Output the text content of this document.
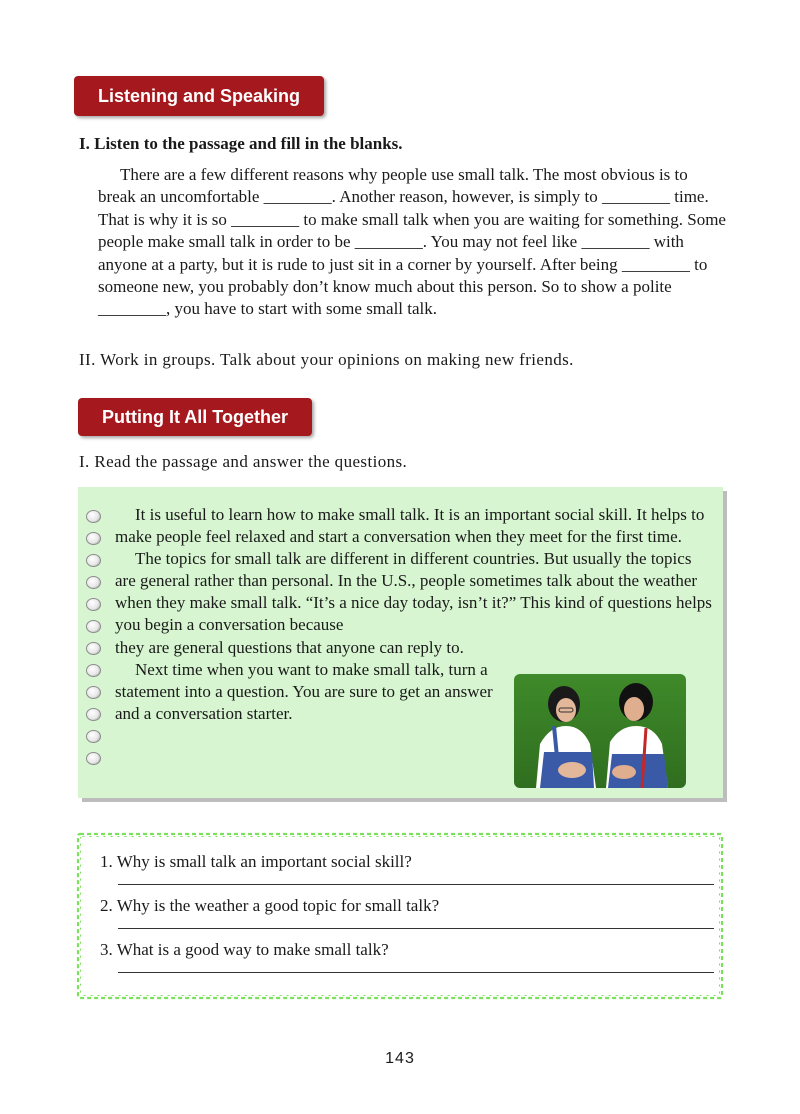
Listening and Speaking
I. Listen to the passage and fill in the blanks.

There are a few different reasons why people use small talk. The most obvious is to break an uncomfortable ________. Another reason, however, is simply to ________ time. That is why it is so ________ to make small talk when you are waiting for something. Some people make small talk in order to be ________. You may not feel like ________ with anyone at a party, but it is rude to just sit in a corner by yourself. After being ________ to someone new, you probably don’t know much about this person. So to show a polite ________, you have to start with some small talk.

II. Work in groups. Talk about your opinions on making new friends.
Putting It All Together
I. Read the passage and answer the questions.
It is useful to learn how to make small talk. It is an important social skill. It helps to make people feel relaxed and start a conversation when they meet for the first time.
The topics for small talk are different in different countries. But usually the topics are general rather than personal. In the U.S., people sometimes talk about the weather when they make small talk. “It’s a nice day today, isn’t it?” This kind of questions helps you begin a conversation because
they are general questions that anyone can reply to.
Next time when you want to make small talk, turn a statement into a question. You are sure to get an answer and a conversation starter.
1. Why is small talk an important social skill?
2. Why is the weather a good topic for small talk?
3. What is a good way to make small talk?
143
